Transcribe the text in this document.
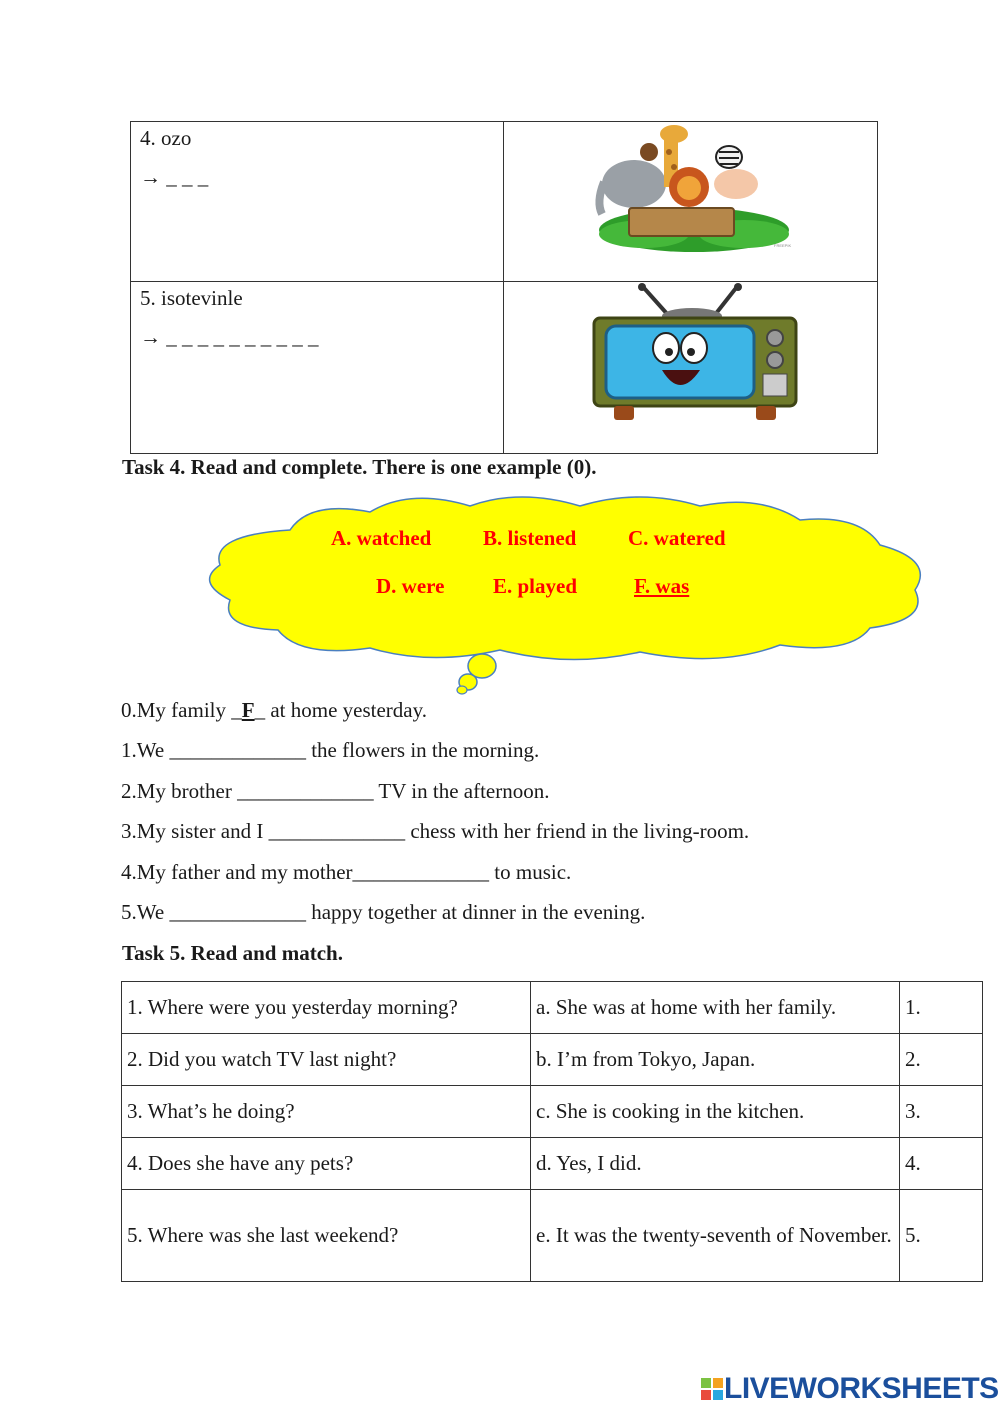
4. ozo
→ _ _ _	FREEPIK

5. isotevinle
→ _ _ _ _ _ _ _ _ _ _

Task 4. Read and complete. There is one example (0).
A. watched B. listened C. watered
D. were E. played	F. was
0.My family _F_ at home yesterday.
1.We _____________ the flowers in the morning.
2.My brother _____________ TV in the afternoon.
3.My sister and I _____________ chess with her friend in the living-room.
4.My father and my mother_____________ to music.
5.We _____________ happy together at dinner in the evening.
Task 5. Read and match.
1. Where were you yesterday morning?	a. She was at home with her family.	1.
2. Did you watch TV last night?	b. I’m from Tokyo, Japan.	2.
3. What’s he doing?	c. She is cooking in the kitchen.	3.
4. Does she have any pets?	d. Yes, I did.	4.
5. Where was she last weekend?	e. It was the twenty-seventh of November.	5.
LIVEWORKSHEETS
